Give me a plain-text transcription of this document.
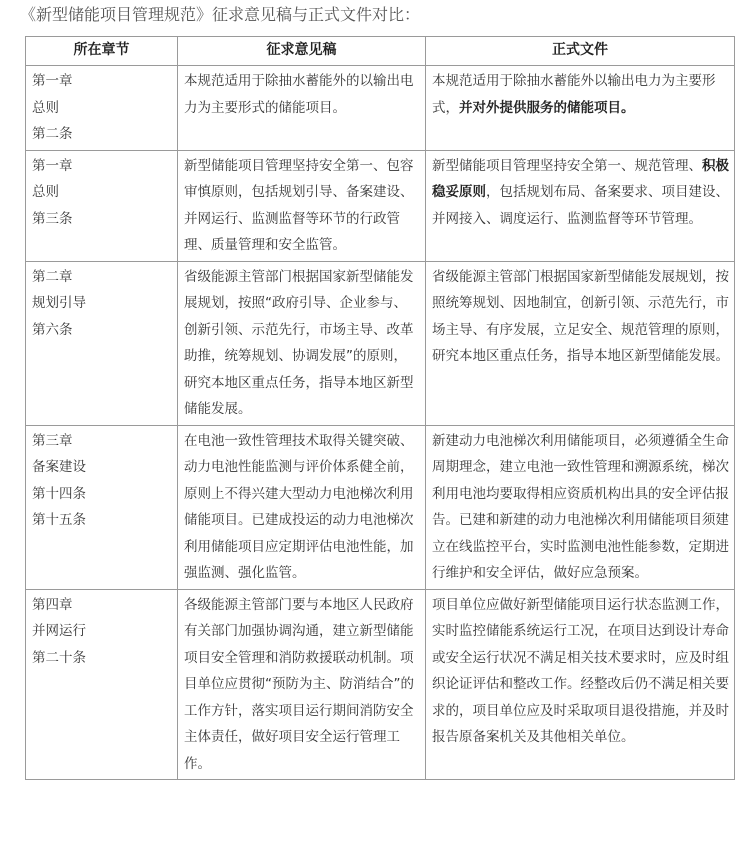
《新型储能项目管理规范》征求意见稿与正式文件对比：
所在章节	征求意见稿	正式文件

第一章
总则
第二条	本规范适用于除抽水蓄能外的以输出电力为主要形式的储能项目。	本规范适用于除抽水蓄能外以输出电力为主要形式，并对外提供服务的储能项目。

第一章
总则
第三条	新型储能项目管理坚持安全第一、包容审慎原则，包括规划引导、备案建设、并网运行、监测监督等环节的行政管理、质量管理和安全监管。	新型储能项目管理坚持安全第一、规范管理、积极稳妥原则，包括规划布局、备案要求、项目建设、并网接入、调度运行、监测监督等环节管理。

第二章
规划引导
第六条	省级能源主管部门根据国家新型储能发展规划，按照“政府引导、企业参与、创新引领、示范先行，市场主导、改革助推，统筹规划、协调发展”的原则，研究本地区重点任务，指导本地区新型储能发展。	省级能源主管部门根据国家新型储能发展规划，按照统筹规划、因地制宜，创新引领、示范先行，市场主导、有序发展，立足安全、规范管理的原则，研究本地区重点任务，指导本地区新型储能发展。

第三章
备案建设
第十四条
第十五条	在电池一致性管理技术取得关键突破、动力电池性能监测与评价体系健全前，原则上不得兴建大型动力电池梯次利用储能项目。已建成投运的动力电池梯次利用储能项目应定期评估电池性能，加强监测、强化监管。	新建动力电池梯次利用储能项目，必须遵循全生命周期理念，建立电池一致性管理和溯源系统，梯次利用电池均要取得相应资质机构出具的安全评估报告。已建和新建的动力电池梯次利用储能项目须建立在线监控平台，实时监测电池性能参数，定期进行维护和安全评估，做好应急预案。

第四章
并网运行
第二十条	各级能源主管部门要与本地区人民政府有关部门加强协调沟通，建立新型储能项目安全管理和消防救援联动机制。项目单位应贯彻“预防为主、防消结合”的工作方针，落实项目运行期间消防安全主体责任，做好项目安全运行管理工作。	项目单位应做好新型储能项目运行状态监测工作，实时监控储能系统运行工况，在项目达到设计寿命或安全运行状况不满足相关技术要求时，应及时组织论证评估和整改工作。经整改后仍不满足相关要求的，项目单位应及时采取项目退役措施，并及时报告原备案机关及其他相关单位。
